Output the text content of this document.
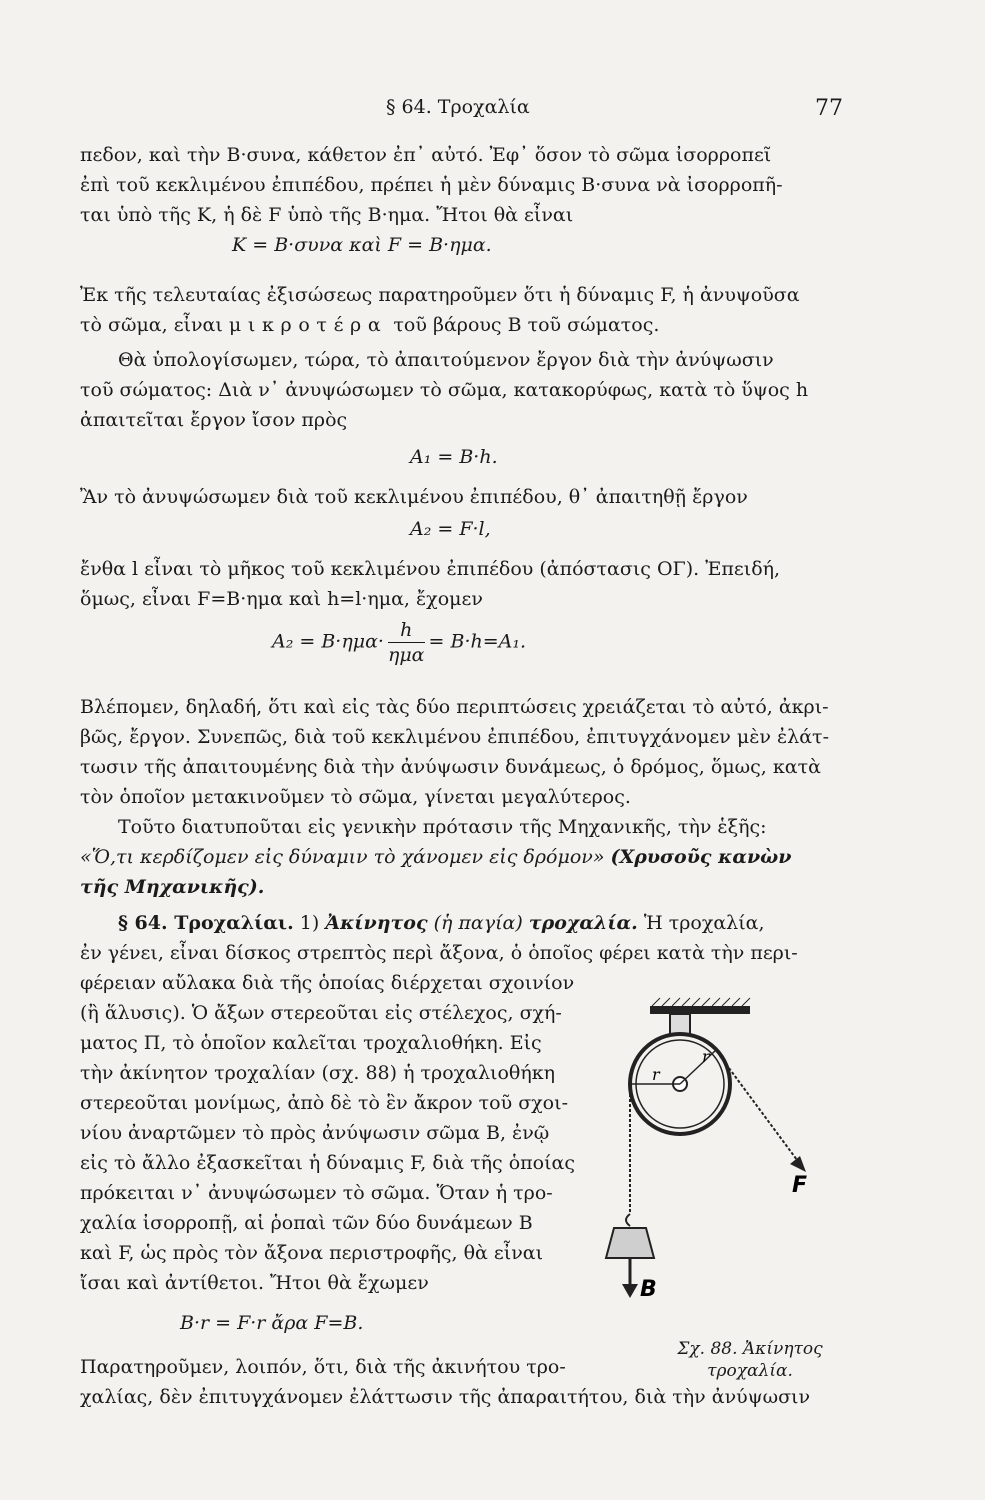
§ 64. Τροχαλία	77
πεδον, καὶ τὴν Β·συνα, κάθετον ἐπ᾽ αὐτό. Ἐφ᾽ ὅσον τὸ σῶμα ἰσορροπεῖ
ἐπὶ τοῦ κεκλιμένου ἐπιπέδου, πρέπει ἡ μὲν δύναμις Β·συνα νὰ ἰσορροπῆ-
ται ὑπὸ τῆς Κ, ἡ δὲ F ὑπὸ τῆς Β·ημα. Ἤτοι θὰ εἶναι
Κ = Β·συνα καὶ F = Β·ημα.
Ἐκ τῆς τελευταίας ἐξισώσεως παρατηροῦμεν ὅτι ἡ δύναμις F, ἡ ἀνυψοῦσα
τὸ σῶμα, εἶναι μικροτέρα τοῦ βάρους Β τοῦ σώματος.
Θὰ ὑπολογίσωμεν, τώρα, τὸ ἀπαιτούμενον ἔργον διὰ τὴν ἀνύψωσιν
τοῦ σώματος: Διὰ ν᾽ ἀνυψώσωμεν τὸ σῶμα, κατακορύφως, κατὰ τὸ ὕψος h
ἀπαιτεῖται ἔργον ἴσον πρὸς
Α₁ = Β·h.
Ἂν τὸ ἀνυψώσωμεν διὰ τοῦ κεκλιμένου ἐπιπέδου, θ᾽ ἀπαιτηθῇ ἔργον
Α₂ = F·l,
ἔνθα l εἶναι τὸ μῆκος τοῦ κεκλιμένου ἐπιπέδου (ἀπόστασις ΟΓ). Ἐπειδή,
ὅμως, εἶναι F=Β·ημα καὶ h=l·ημα, ἔχομεν
$A_2 = B\cdot\eta\mu\alpha\cdot \frac{h}{\text{ημα}} = B\cdot h=A_1$.
Βλέπομεν, δηλαδή, ὅτι καὶ εἰς τὰς δύο περιπτώσεις χρειάζεται τὸ αὐτό, ἀκρι-
βῶς, ἔργον. Συνεπῶς, διὰ τοῦ κεκλιμένου ἐπιπέδου, ἐπιτυγχάνομεν μὲν ἐλάτ-
τωσιν τῆς ἀπαιτουμένης διὰ τὴν ἀνύψωσιν δυνάμεως, ὁ δρόμος, ὅμως, κατὰ
τὸν ὁποῖον μετακινοῦμεν τὸ σῶμα, γίνεται μεγαλύτερος.
Τοῦτο διατυποῦται εἰς γενικὴν πρότασιν τῆς Μηχανικῆς, τὴν ἑξῆς:
«Ὅ,τι κερδίζομεν εἰς δύναμιν τὸ χάνομεν εἰς δρόμον» (Χρυσοῦς κανὼν
τῆς Μηχανικῆς).
§ 64. Τροχαλίαι. 1) Ἀκίνητος (ἡ παγία) τροχαλία. Ἡ τροχαλία,
ἐν γένει, εἶναι δίσκος στρεπτὸς περὶ ἄξονα, ὁ ὁποῖος φέρει κατὰ τὴν περι-
φέρειαν αὔλακα διὰ τῆς ὁποίας διέρχεται σχοινίον
(ἢ ἅλυσις). Ὁ ἄξων στερεοῦται εἰς στέλεχος, σχή-
ματος Π, τὸ ὁποῖον καλεῖται τροχαλιοθήκη. Εἰς
τὴν ἀκίνητον τροχαλίαν (σχ. 88) ἡ τροχαλιοθήκη
στερεοῦται μονίμως, ἀπὸ δὲ τὸ ἓν ἄκρον τοῦ σχοι-
νίου ἀναρτῶμεν τὸ πρὸς ἀνύψωσιν σῶμα Β, ἐνῷ
εἰς τὸ ἄλλο ἐξασκεῖται ἡ δύναμις F, διὰ τῆς ὁποίας
πρόκειται ν᾽ ἀνυψώσωμεν τὸ σῶμα. Ὅταν ἡ τρο-
χαλία ἰσορροπῇ, αἱ ῥοπαὶ τῶν δύο δυνάμεων Β
καὶ F, ὡς πρὸς τὸν ἄξονα περιστροφῆς, θὰ εἶναι
ἴσαι καὶ ἀντίθετοι. Ἤτοι θὰ ἔχωμεν
Β·r = F·r ἄρα F=Β.
Παρατηροῦμεν, λοιπόν, ὅτι, διὰ τῆς ἀκινήτου τρο-
χαλίας, δὲν ἐπιτυγχάνομεν ἐλάττωσιν τῆς ἀπαραιτήτου, διὰ τὴν ἀνύψωσιν
r
r
F
B
Σχ. 88. Ἀκίνητος
τροχαλία.
